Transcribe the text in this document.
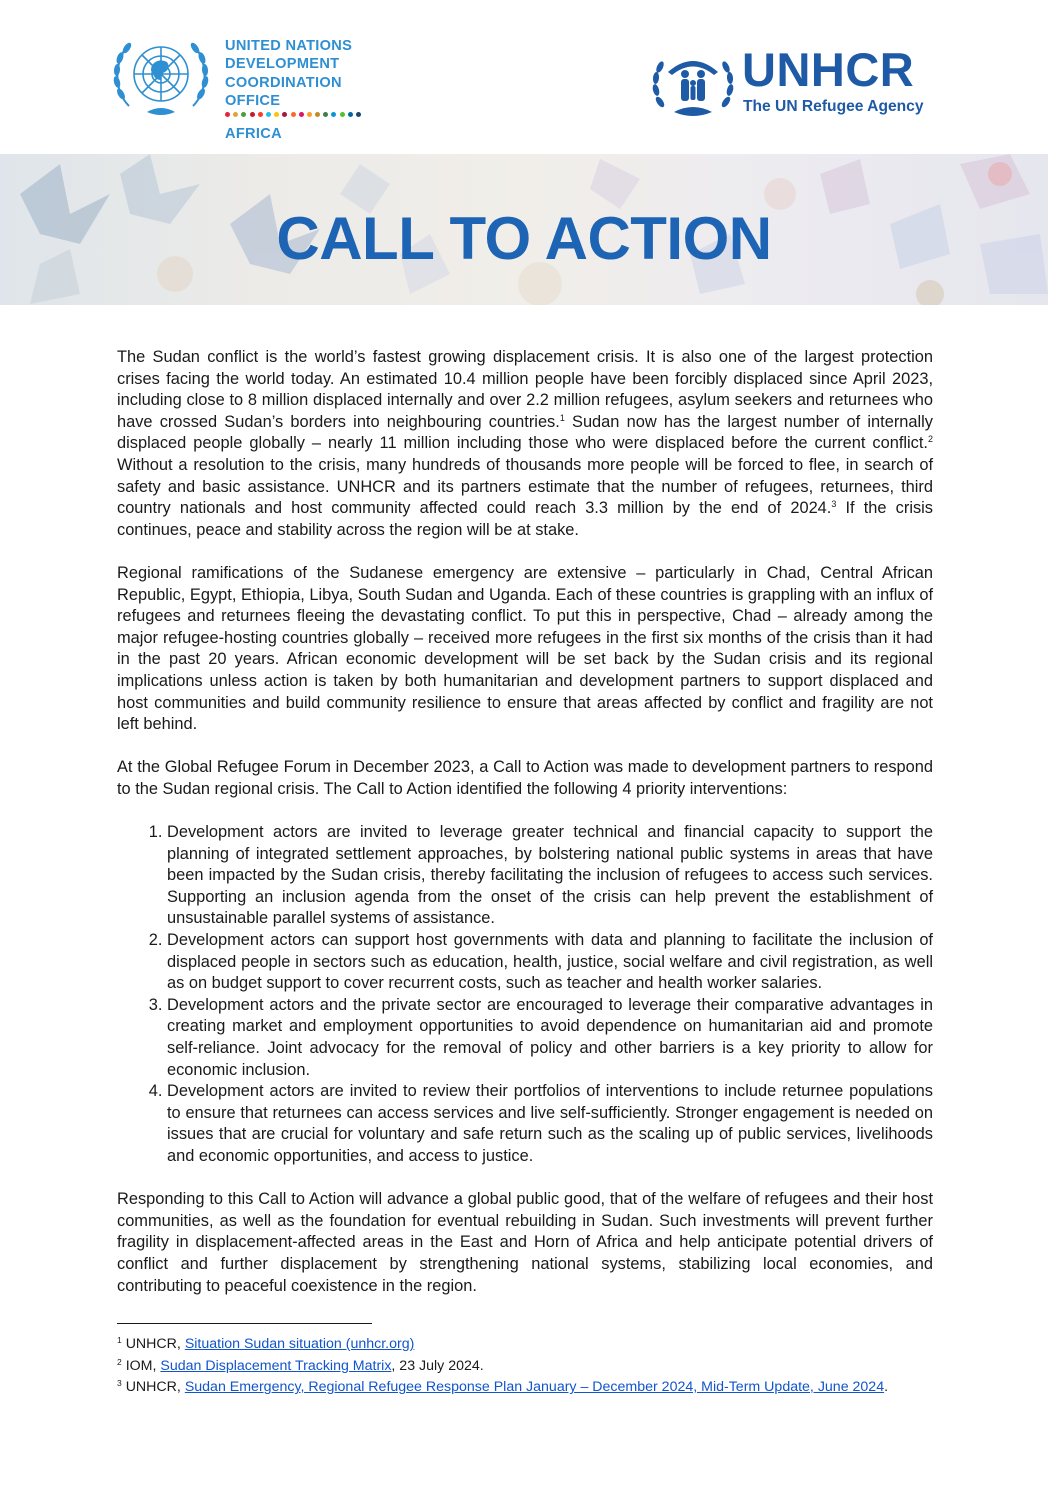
UNITED NATIONS
DEVELOPMENT
COORDINATION
OFFICE
AFRICA
UNHCR
The UN Refugee Agency
CALL TO ACTION

The Sudan conflict is the world’s fastest growing displacement crisis. It is also one of the largest protection crises facing the world today. An estimated 10.4 million people have been forcibly displaced since April 2023, including close to 8 million displaced internally and over 2.2 million refugees, asylum seekers and returnees who have crossed Sudan’s borders into neighbouring countries.$^1$ Sudan now has the largest number of internally displaced people globally – nearly 11 million including those who were displaced before the current conflict.$^2$ Without a resolution to the crisis, many hundreds of thousands more people will be forced to flee, in search of safety and basic assistance. UNHCR and its partners estimate that the number of refugees, returnees, third country nationals and host community affected could reach 3.3 million by the end of 2024.$^3$ If the crisis continues, peace and stability across the region will be at stake.

Regional ramifications of the Sudanese emergency are extensive – particularly in Chad, Central African Republic, Egypt, Ethiopia, Libya, South Sudan and Uganda. Each of these countries is grappling with an influx of refugees and returnees fleeing the devastating conflict. To put this in perspective, Chad – already among the major refugee-hosting countries globally – received more refugees in the first six months of the crisis than it had in the past 20 years. African economic development will be set back by the Sudan crisis and its regional implications unless action is taken by both humanitarian and development partners to support displaced and host communities and build community resilience to ensure that areas affected by conflict and fragility are not left behind.

At the Global Refugee Forum in December 2023, a Call to Action was made to development partners to respond to the Sudan regional crisis. The Call to Action identified the following 4 priority interventions:

1. Development actors are invited to leverage greater technical and financial capacity to support the planning of integrated settlement approaches, by bolstering national public systems in areas that have been impacted by the Sudan crisis, thereby facilitating the inclusion of refugees to access such services. Supporting an inclusion agenda from the onset of the crisis can help prevent the establishment of unsustainable parallel systems of assistance.
2. Development actors can support host governments with data and planning to facilitate the inclusion of displaced people in sectors such as education, health, justice, social welfare and civil registration, as well as on budget support to cover recurrent costs, such as teacher and health worker salaries.
3. Development actors and the private sector are encouraged to leverage their comparative advantages in creating market and employment opportunities to avoid dependence on humanitarian aid and promote self-reliance. Joint advocacy for the removal of policy and other barriers is a key priority to allow for economic inclusion.
4. Development actors are invited to review their portfolios of interventions to include returnee populations to ensure that returnees can access services and live self-sufficiently. Stronger engagement is needed on issues that are crucial for voluntary and safe return such as the scaling up of public services, livelihoods and economic opportunities, and access to justice.

Responding to this Call to Action will advance a global public good, that of the welfare of refugees and their host communities, as well as the foundation for eventual rebuilding in Sudan. Such investments will prevent further fragility in displacement-affected areas in the East and Horn of Africa and help anticipate potential drivers of conflict and further displacement by strengthening national systems, stabilizing local economies, and contributing to peaceful coexistence in the region.

$^1$ UNHCR, Situation Sudan situation (unhcr.org)

$^2$ IOM, Sudan Displacement Tracking Matrix, 23 July 2024.

$^3$ UNHCR, Sudan Emergency, Regional Refugee Response Plan January – December 2024, Mid-Term Update, June 2024.
